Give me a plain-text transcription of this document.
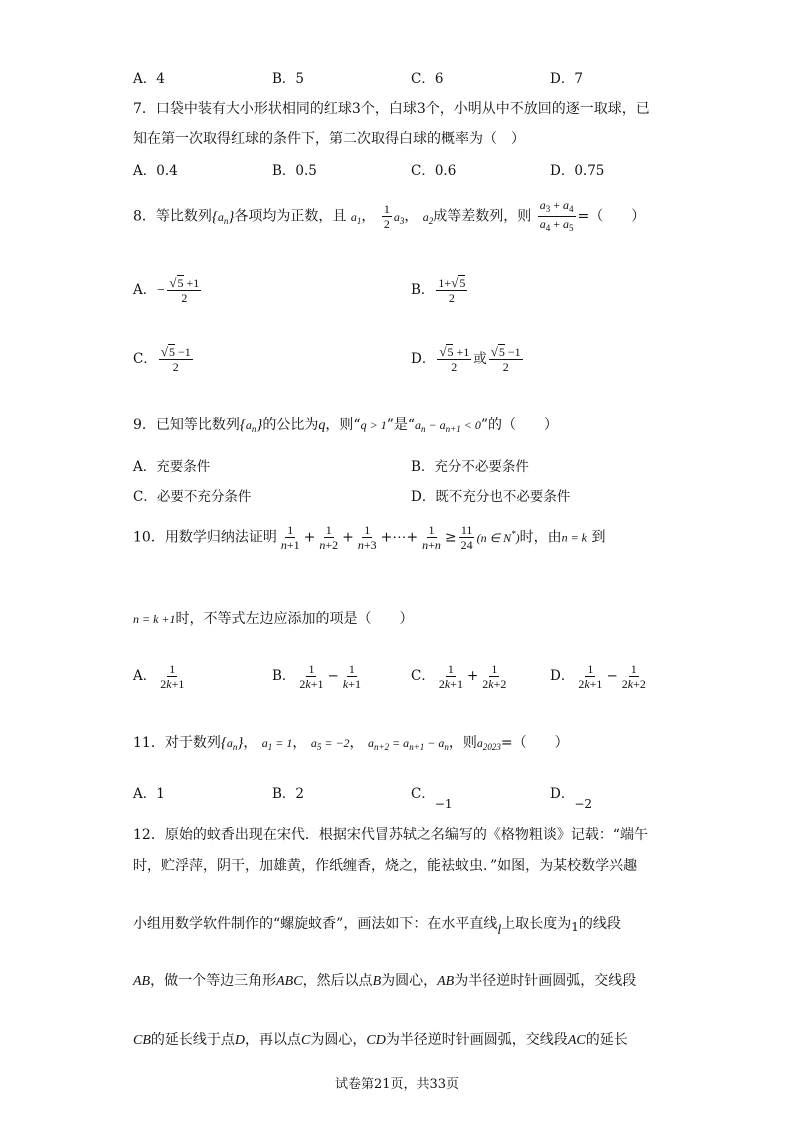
A．4	B．5	C．6	D．7
7．口袋中装有大小形状相同的红球3个，白球3个，小明从中不放回的逐一取球，已
知在第一次取得红球的条件下，第二次取得白球的概率为（　）
A．0.4	B．0.5	C．0.6	D．0.75
8．等比数列$\{a_n\}$各项均为正数，且 $a_1$， $\frac{1}{2} a_3$， $a_2$成等差数列，则 $\frac{a_3 + a_4}{a_4 + a_5}$ =（　　）
A．− $\frac{√5 +1}{2}$	B． $\frac{1+√5}{2}$
C． $\frac{√5 -1}{2}$	D． $\frac{√5 +1}{2}$ 或 $\frac{√5 -1}{2}$
9．已知等比数列$\{a_n\}$的公比为q，则“q > 1”是“$a_n - a_{n+1} < 0$”的（　　）
A．充要条件	B．充分不必要条件
C．必要不充分条件	D．既不充分也不必要条件
10．用数学归纳法证明 $\frac{1}{n+1} + \frac{1}{n+2} + \frac{1}{n+3}$ +⋯+ $\frac{1}{n+n} \ge \frac{11}{24} (n$ ∈ N*)时，由n = k 到
n = k +1时，不等式左边应添加的项是（　　）
A． $\frac{1}{2k+1}$	B． $\frac{1}{2k+1} - \frac{1}{k+1}$	C． $\frac{1}{2k+1} + \frac{1}{2k+2}$	D． $\frac{1}{2k+1} - \frac{1}{2k+2}$
11．对于数列$\{a_n\}$， $a_1 = 1$， $a_5 = -2$， $a_{n+2} = a_{n+1} - a_n$，则$a_{2023}=$（　　）
A．1	B．2	C．−1
D．−2
12．原始的蚊香出现在宋代．根据宋代冒苏轼之名编写的《格物粗谈》记载：“端午
时，贮浮萍，阴干，加雄黄，作纸缠香，烧之，能祛蚊虫．”如图，为某校数学兴趣
小组用数学软件制作的“螺旋蚊香”，画法如下：在水平直线l上取长度为1的线段
AB，做一个等边三角形ABC，然后以点B为圆心，AB为半径逆时针画圆弧，交线段
CB的延长线于点D，再以点C为圆心，CD为半径逆时针画圆弧，交线段AC的延长
试卷第21页，共33页
